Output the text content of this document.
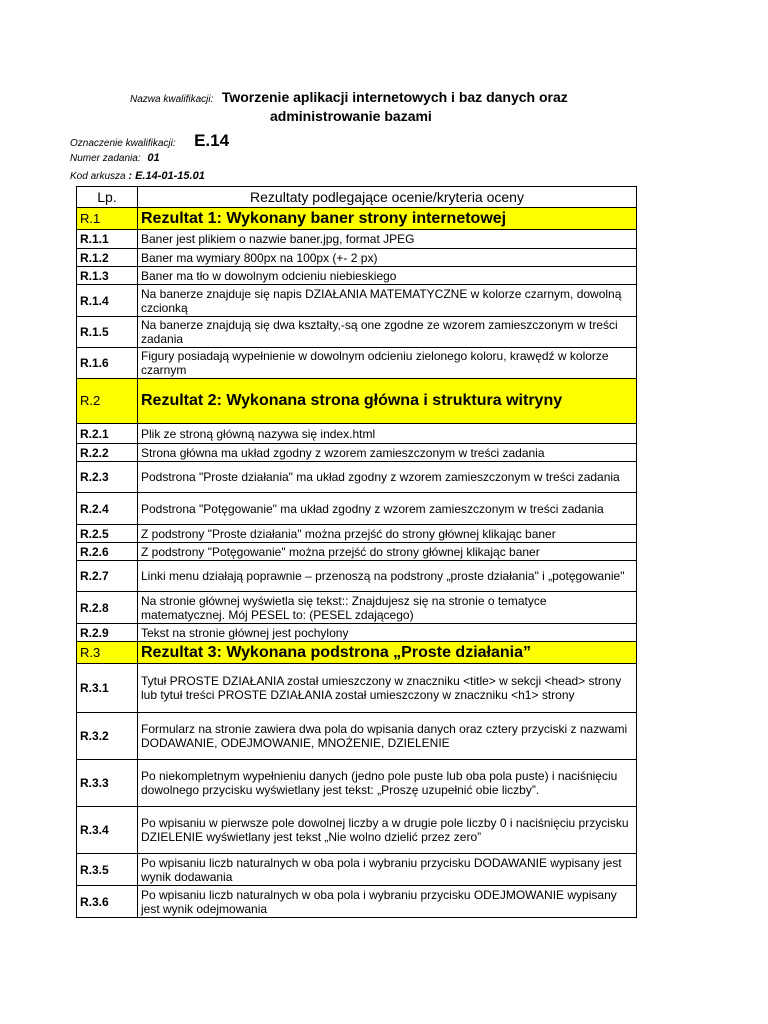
Nazwa kwalifikacji: Tworzenie aplikacji internetowych i baz danych oraz
administrowanie bazami
Oznaczenie kwalifikacji: E.14
Numer zadania: 01
Kod arkusza : E.14-01-15.01
Lp.	Rezultaty podlegające ocenie/kryteria oceny
R.1	Rezultat 1: Wykonany baner strony internetowej
R.1.1	Baner jest plikiem o nazwie baner.jpg, format JPEG
R.1.2	Baner ma wymiary 800px na 100px (+- 2 px)
R.1.3	Baner ma tło w dowolnym odcieniu niebieskiego
R.1.4	Na banerze znajduje się napis DZIAŁANIA MATEMATYCZNE w kolorze czarnym, dowolną czcionką
R.1.5	Na banerze znajdują się dwa kształty,-są one zgodne ze wzorem zamieszczonym w treści zadania
R.1.6	Figury posiadają wypełnienie w dowolnym odcieniu zielonego koloru, krawędź w kolorze czarnym
R.2	Rezultat 2: Wykonana strona główna i struktura witryny
R.2.1	Plik ze stroną główną nazywa się index.html
R.2.2	Strona główna ma układ zgodny z wzorem zamieszczonym w treści zadania
R.2.3	Podstrona "Proste działania" ma układ zgodny z wzorem zamieszczonym w treści zadania
R.2.4	Podstrona "Potęgowanie" ma układ zgodny z wzorem zamieszczonym w treści zadania
R.2.5	Z podstrony "Proste działania" można przejść do strony głównej klikając baner
R.2.6	Z podstrony "Potęgowanie" można przejść do strony głównej klikając baner
R.2.7	Linki menu działają poprawnie – przenoszą na podstrony „proste działania" i „potęgowanie"
R.2.8	Na stronie głównej wyświetla się tekst:: Znajdujesz się na stronie o tematyce matematycznej. Mój PESEL to: (PESEL zdającego)
R.2.9	Tekst na stronie głównej jest pochylony
R.3	Rezultat 3: Wykonana podstrona „Proste działania”
R.3.1	Tytuł PROSTE DZIAŁANIA został umieszczony w znaczniku <title> w sekcji <head> strony lub tytuł treści PROSTE DZIAŁANIA został umieszczony w znaczniku <h1> strony
R.3.2	Formularz na stronie zawiera dwa pola do wpisania danych oraz cztery przyciski z nazwami DODAWANIE, ODEJMOWANIE, MNOŻENIE, DZIELENIE
R.3.3	Po niekompletnym wypełnieniu danych (jedno pole puste lub oba pola puste) i naciśnięciu dowolnego przycisku wyświetlany jest tekst: „Proszę uzupełnić obie liczby”.
R.3.4	Po wpisaniu w pierwsze pole dowolnej liczby a w drugie pole liczby 0 i naciśnięciu przycisku DZIELENIE wyświetlany jest tekst „Nie wolno dzielić przez zero”
R.3.5	Po wpisaniu liczb naturalnych w oba pola i wybraniu przycisku DODAWANIE wypisany jest wynik dodawania
R.3.6	Po wpisaniu liczb naturalnych w oba pola i wybraniu przycisku ODEJMOWANIE wypisany jest wynik odejmowania
